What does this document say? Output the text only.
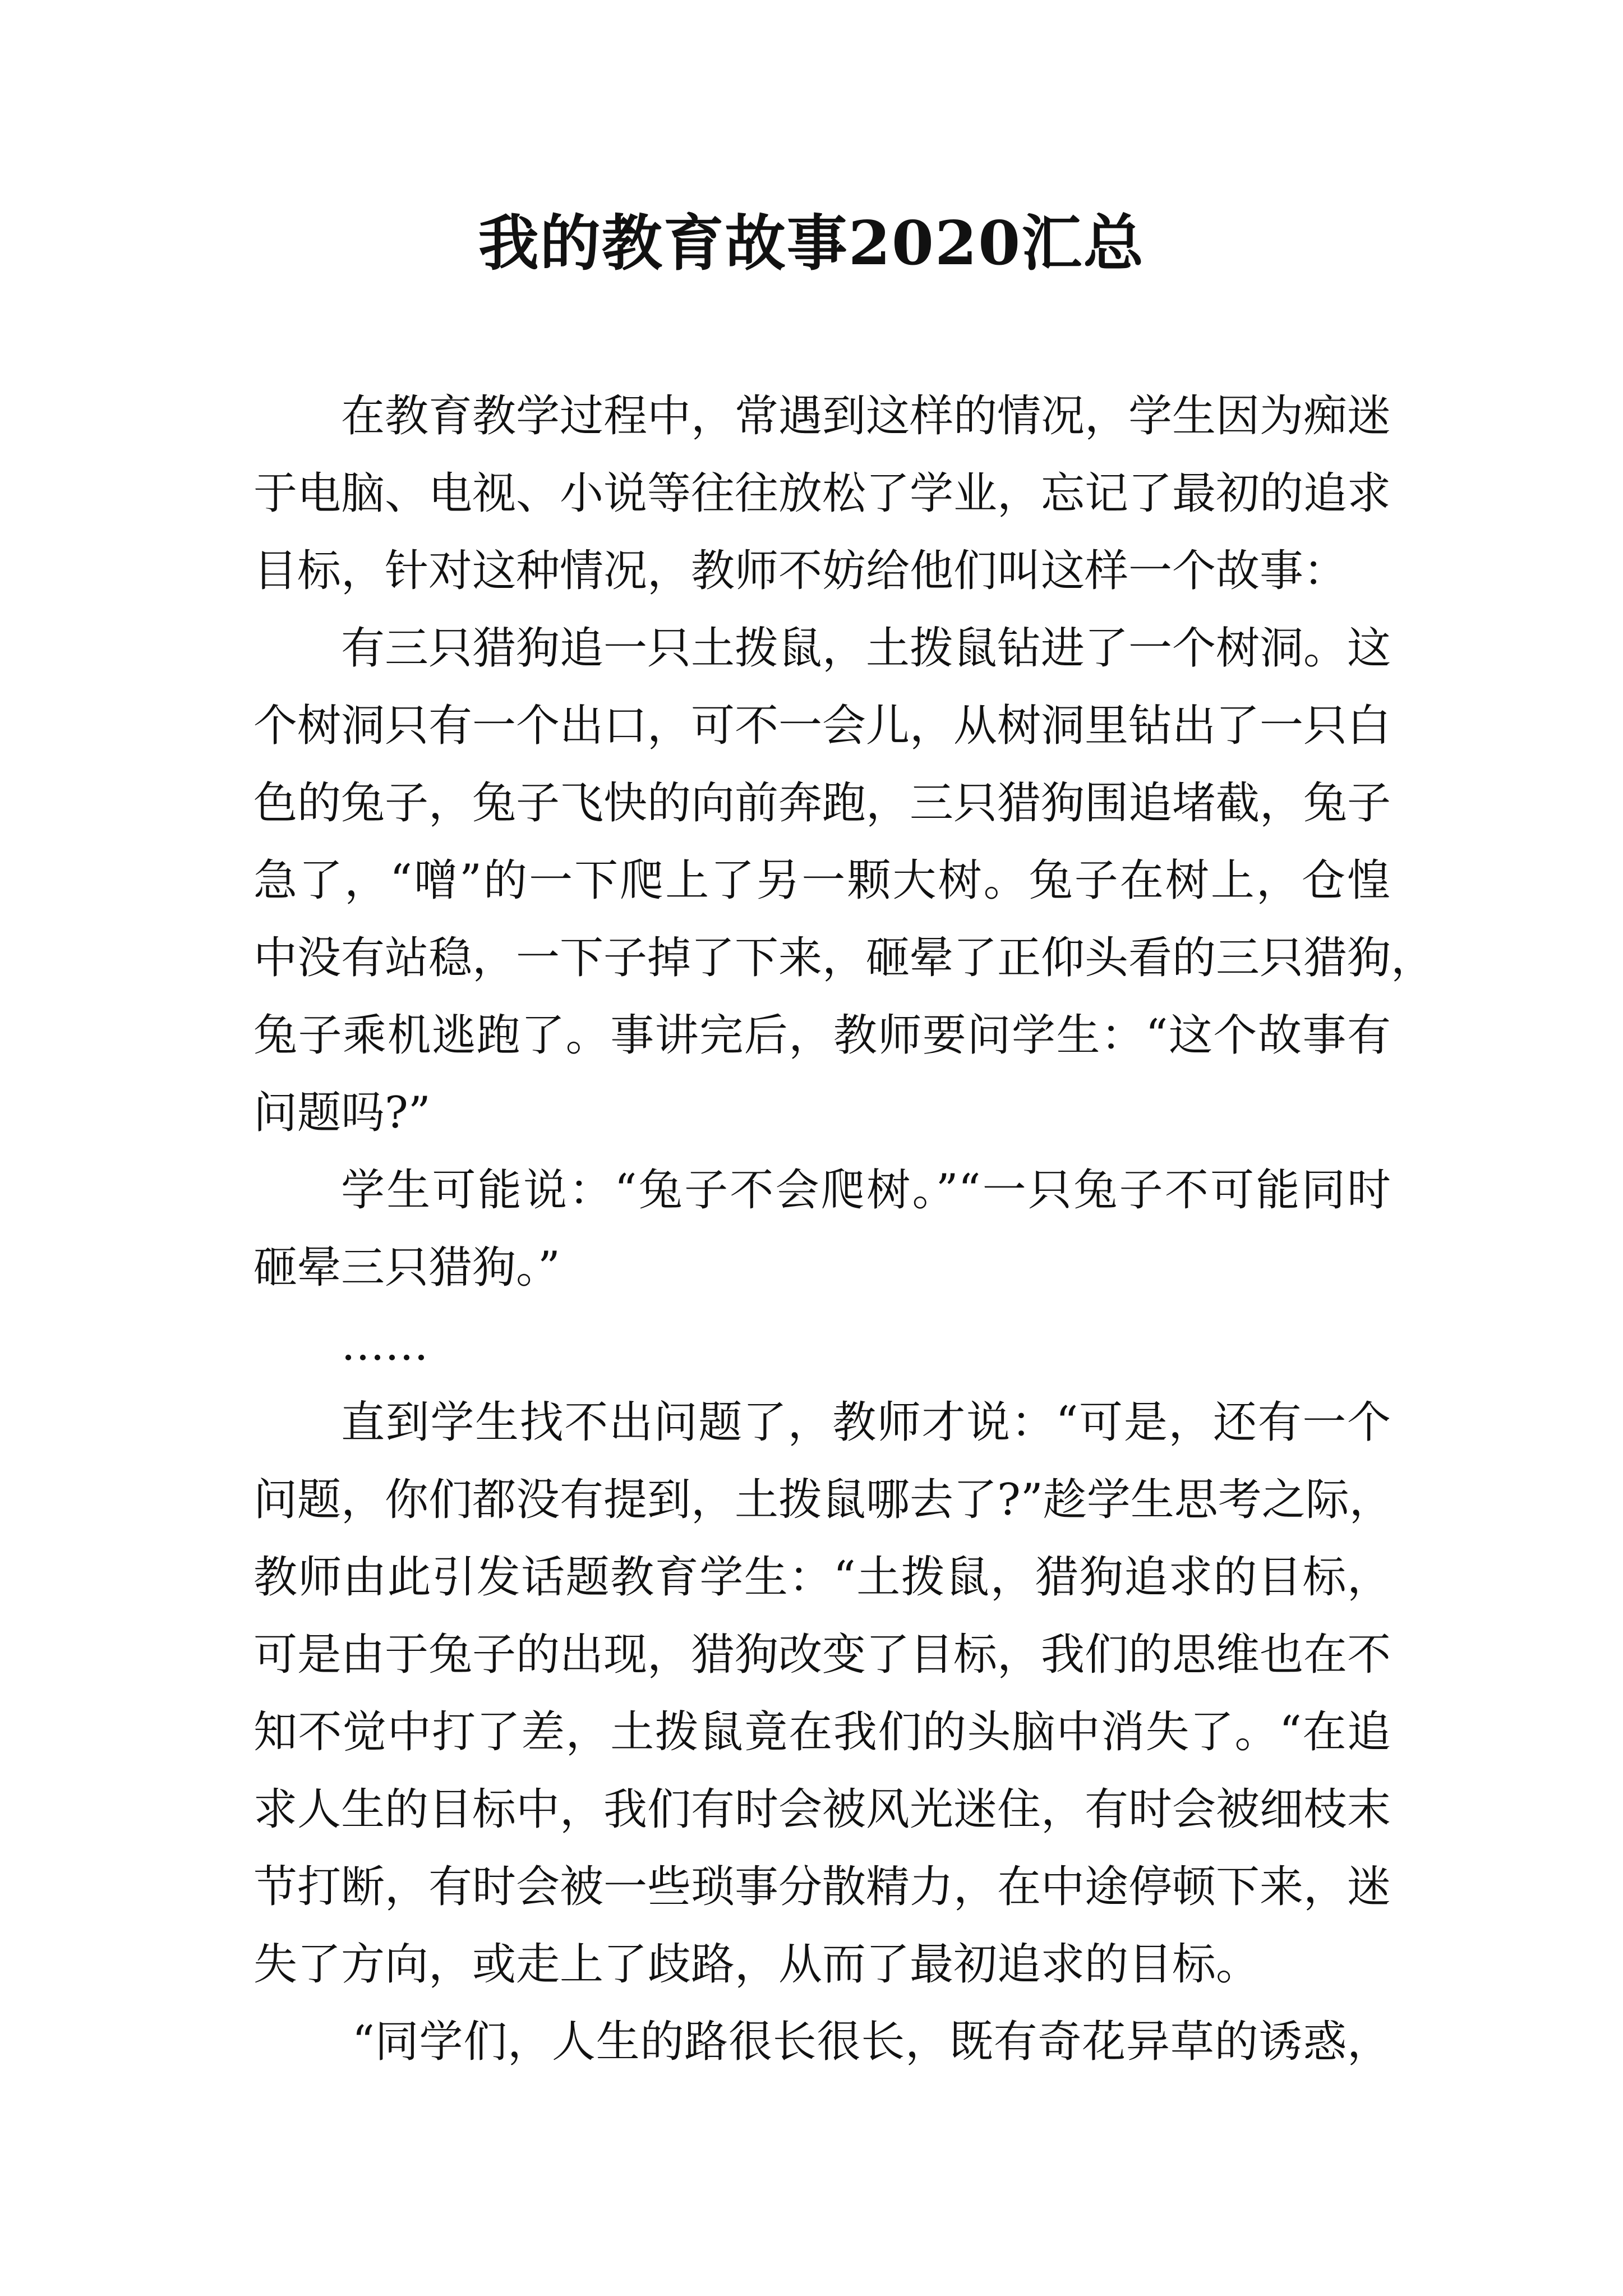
我的教育故事2020汇总
在教育教学过程中，常遇到这样的情况，学生因为痴迷
于电脑、电视、小说等往往放松了学业，忘记了最初的追求
目标，针对这种情况，教师不妨给他们叫这样一个故事：
有三只猎狗追一只土拨鼠，土拨鼠钻进了一个树洞。这
个树洞只有一个出口，可不一会儿，从树洞里钻出了一只白
色的兔子，兔子飞快的向前奔跑，三只猎狗围追堵截，兔子
急了，“噌”的一下爬上了另一颗大树。兔子在树上，仓惶
中没有站稳，一下子掉了下来，砸晕了正仰头看的三只猎狗，
兔子乘机逃跑了。事讲完后，教师要问学生：“这个故事有
问题吗?”
学生可能说：“兔子不会爬树。”“一只兔子不可能同时
砸晕三只猎狗。”
……
直到学生找不出问题了，教师才说：“可是，还有一个
问题，你们都没有提到，土拨鼠哪去了?”趁学生思考之际，
教师由此引发话题教育学生：“土拨鼠，猎狗追求的目标，
可是由于兔子的出现，猎狗改变了目标，我们的思维也在不
知不觉中打了差，土拨鼠竟在我们的头脑中消失了。“在追
求人生的目标中，我们有时会被风光迷住，有时会被细枝末
节打断，有时会被一些琐事分散精力，在中途停顿下来，迷
失了方向，或走上了歧路，从而了最初追求的目标。
“同学们，人生的路很长很长，既有奇花异草的诱惑，
